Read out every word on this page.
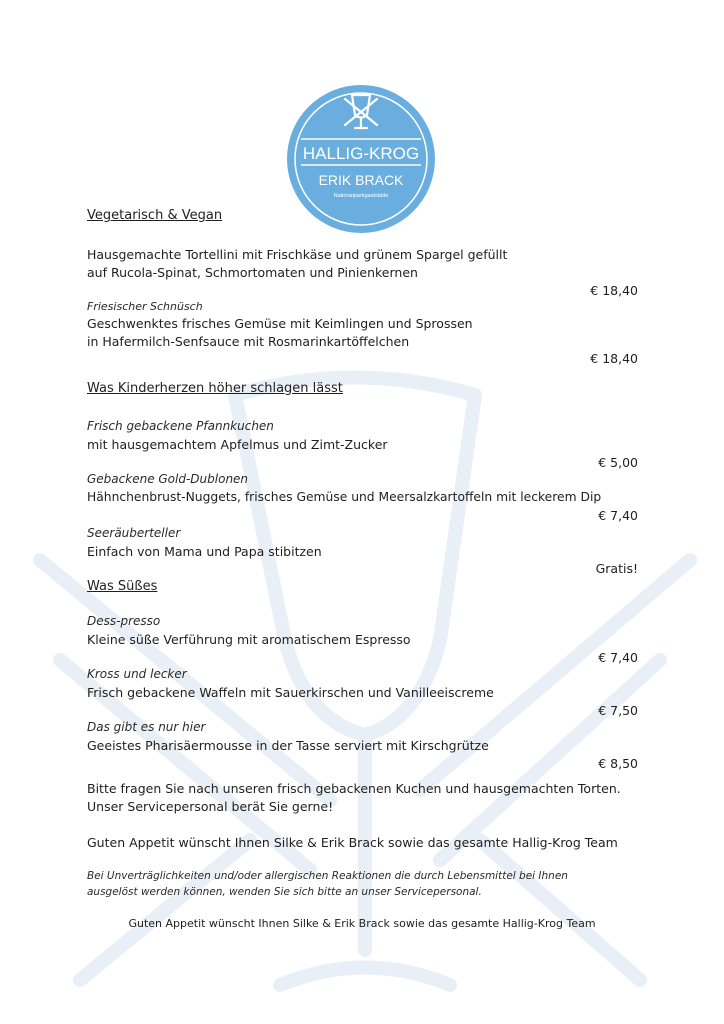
HALLIG-KROG
ERIK BRACK
Nationalparkgaststätte
Vegetarisch & Vegan
Hausgemachte Tortellini mit Frischkäse und grünem Spargel gefüllt
auf Rucola-Spinat, Schmortomaten und Pinienkernen
€ 18,40
Friesischer Schnüsch
Geschwenktes frisches Gemüse mit Keimlingen und Sprossen
in Hafermilch-Senfsauce mit Rosmarinkartöffelchen
€ 18,40
Was Kinderherzen höher schlagen lässt
Frisch gebackene Pfannkuchen
mit hausgemachtem Apfelmus und Zimt-Zucker
€ 5,00
Gebackene Gold-Dublonen
Hähnchenbrust-Nuggets, frisches Gemüse und Meersalzkartoffeln mit leckerem Dip
€ 7,40
Seeräuberteller
Einfach von Mama und Papa stibitzen
Gratis!
Was Süßes
Dess-presso
Kleine süße Verführung mit aromatischem Espresso
€ 7,40
Kross und lecker
Frisch gebackene Waffeln mit Sauerkirschen und Vanilleeiscreme
€ 7,50
Das gibt es nur hier
Geeistes Pharisäermousse in der Tasse serviert mit Kirschgrütze
€ 8,50
Bitte fragen Sie nach unseren frisch gebackenen Kuchen und hausgemachten Torten.
Unser Servicepersonal berät Sie gerne!
Guten Appetit wünscht Ihnen Silke & Erik Brack sowie das gesamte Hallig-Krog Team
Bei Unverträglichkeiten und/oder allergischen Reaktionen die durch Lebensmittel bei Ihnen
ausgelöst werden können, wenden Sie sich bitte an unser Servicepersonal.
Guten Appetit wünscht Ihnen Silke & Erik Brack sowie das gesamte Hallig-Krog Team
